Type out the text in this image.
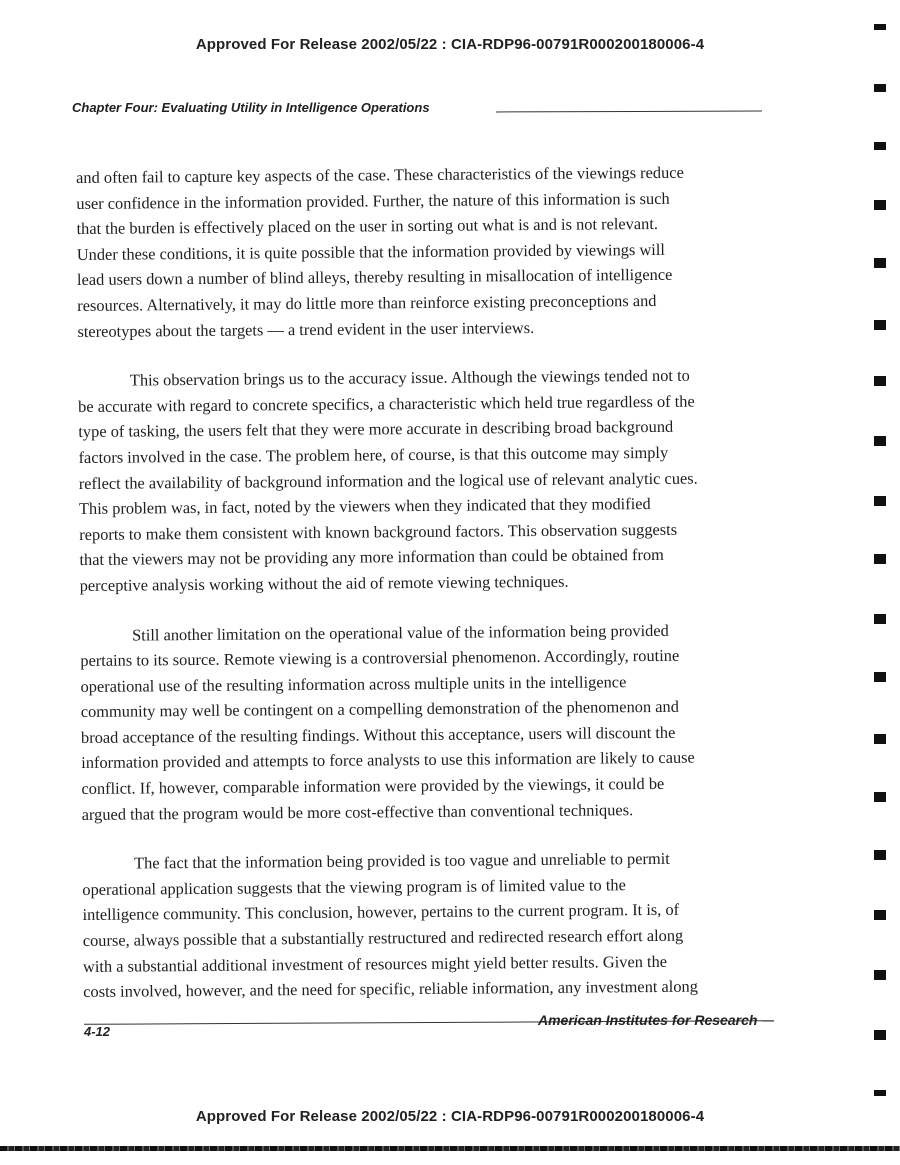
Approved For Release 2002/05/22 : CIA-RDP96-00791R000200180006-4
Chapter Four: Evaluating Utility in Intelligence Operations

and often fail to capture key aspects of the case. These characteristics of the viewings reduce
user confidence in the information provided. Further, the nature of this information is such
that the burden is effectively placed on the user in sorting out what is and is not relevant.
Under these conditions, it is quite possible that the information provided by viewings will
lead users down a number of blind alleys, thereby resulting in misallocation of intelligence
resources. Alternatively, it may do little more than reinforce existing preconceptions and
stereotypes about the targets — a trend evident in the user interviews.

This observation brings us to the accuracy issue. Although the viewings tended not to
be accurate with regard to concrete specifics, a characteristic which held true regardless of the
type of tasking, the users felt that they were more accurate in describing broad background
factors involved in the case. The problem here, of course, is that this outcome may simply
reflect the availability of background information and the logical use of relevant analytic cues.
This problem was, in fact, noted by the viewers when they indicated that they modified
reports to make them consistent with known background factors. This observation suggests
that the viewers may not be providing any more information than could be obtained from
perceptive analysis working without the aid of remote viewing techniques.

Still another limitation on the operational value of the information being provided
pertains to its source. Remote viewing is a controversial phenomenon. Accordingly, routine
operational use of the resulting information across multiple units in the intelligence
community may well be contingent on a compelling demonstration of the phenomenon and
broad acceptance of the resulting findings. Without this acceptance, users will discount the
information provided and attempts to force analysts to use this information are likely to cause
conflict. If, however, comparable information were provided by the viewings, it could be
argued that the program would be more cost-effective than conventional techniques.

The fact that the information being provided is too vague and unreliable to permit
operational application suggests that the viewing program is of limited value to the
intelligence community. This conclusion, however, pertains to the current program. It is, of
course, always possible that a substantially restructured and redirected research effort along
with a substantial additional investment of resources might yield better results. Given the
costs involved, however, and the need for specific, reliable information, any investment along

4-12
American Institutes for Research
Approved For Release 2002/05/22 : CIA-RDP96-00791R000200180006-4
